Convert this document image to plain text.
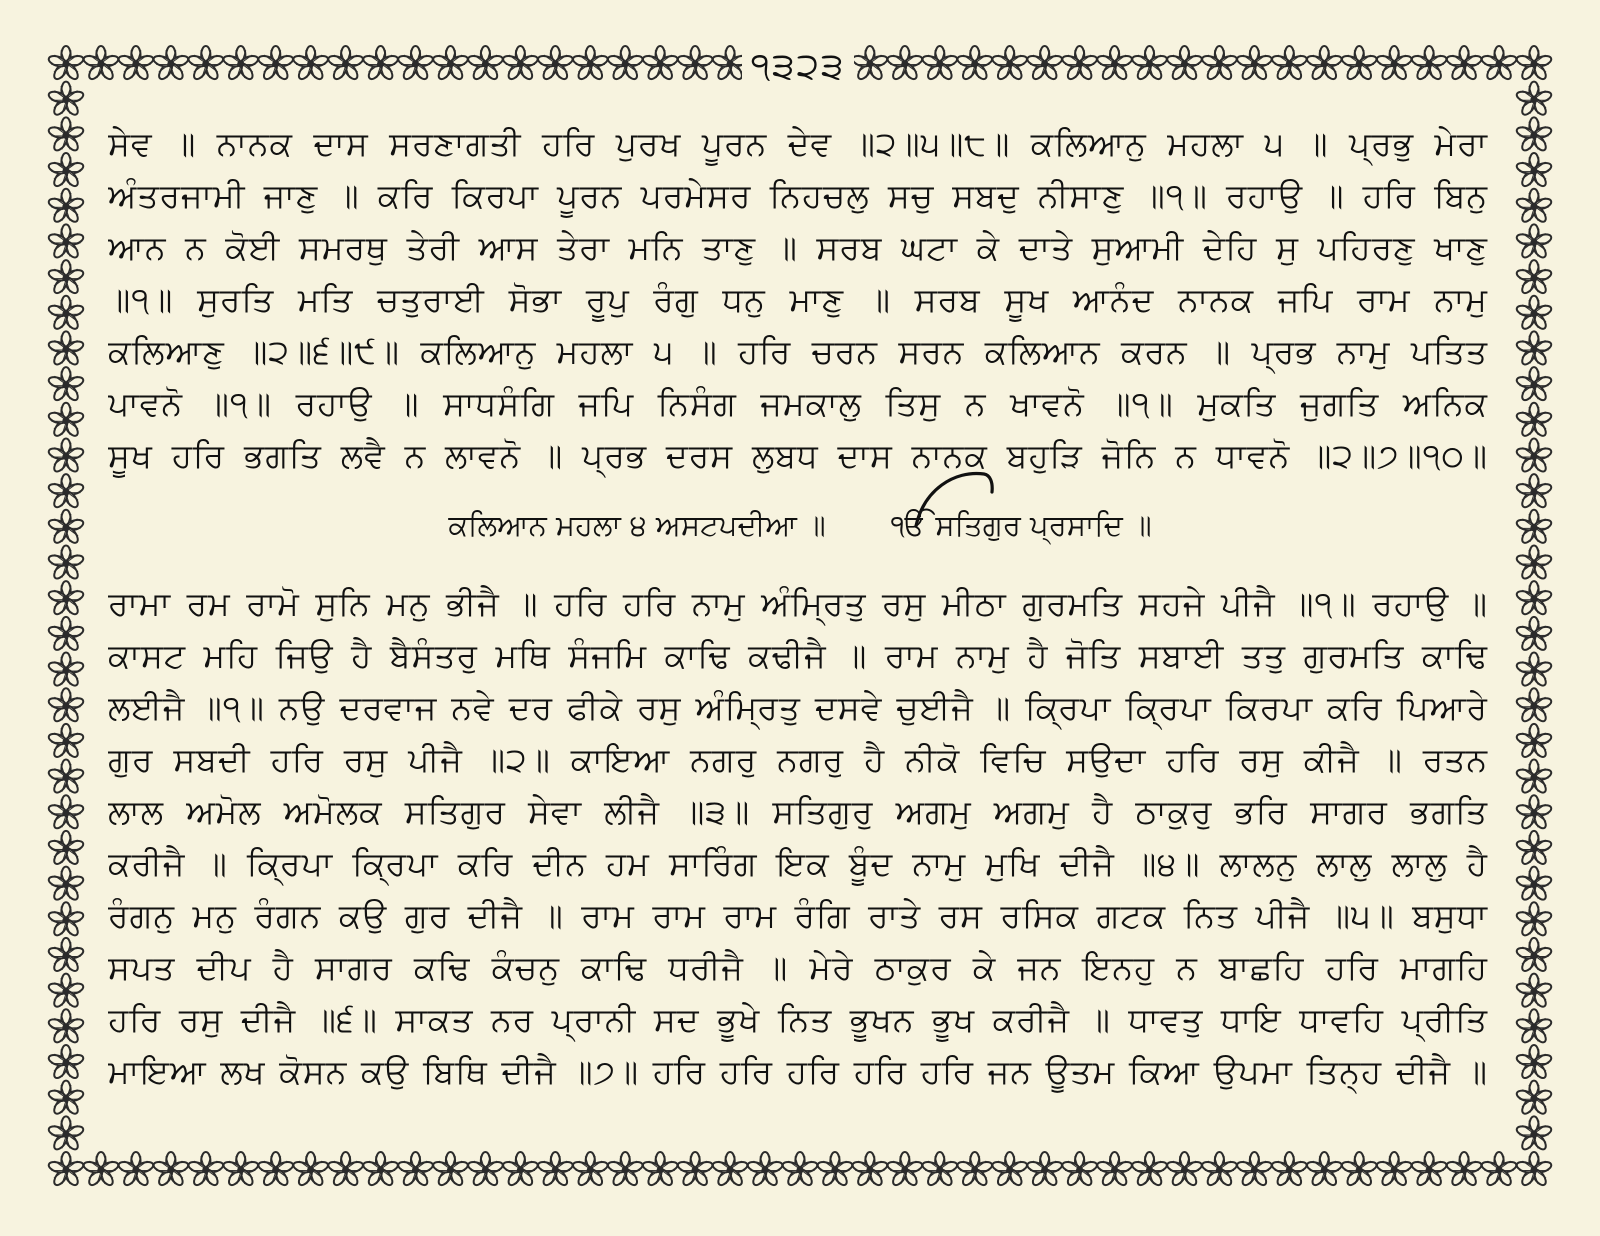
੧੩੨੩
ਸੇਵ ॥ ਨਾਨਕ ਦਾਸ ਸਰਣਾਗਤੀ ਹਰਿ ਪੁਰਖ ਪੂਰਨ ਦੇਵ ॥੨॥੫॥੮॥ ਕਲਿਆਨੁ ਮਹਲਾ ੫ ॥ ਪ੍ਰਭੁ ਮੇਰਾ
ਅੰਤਰਜਾਮੀ ਜਾਣੁ ॥ ਕਰਿ ਕਿਰਪਾ ਪੂਰਨ ਪਰਮੇਸਰ ਨਿਹਚਲੁ ਸਚੁ ਸਬਦੁ ਨੀਸਾਣੁ ॥੧॥ ਰਹਾਉ ॥ ਹਰਿ ਬਿਨੁ
ਆਨ ਨ ਕੋਈ ਸਮਰਥੁ ਤੇਰੀ ਆਸ ਤੇਰਾ ਮਨਿ ਤਾਣੁ ॥ ਸਰਬ ਘਟਾ ਕੇ ਦਾਤੇ ਸੁਆਮੀ ਦੇਹਿ ਸੁ ਪਹਿਰਣੁ ਖਾਣੁ
॥੧॥ ਸੁਰਤਿ ਮਤਿ ਚਤੁਰਾਈ ਸੋਭਾ ਰੂਪੁ ਰੰਗੁ ਧਨੁ ਮਾਣੁ ॥ ਸਰਬ ਸੂਖ ਆਨੰਦ ਨਾਨਕ ਜਪਿ ਰਾਮ ਨਾਮੁ
ਕਲਿਆਣੁ ॥੨॥੬॥੯॥ ਕਲਿਆਨੁ ਮਹਲਾ ੫ ॥ ਹਰਿ ਚਰਨ ਸਰਨ ਕਲਿਆਨ ਕਰਨ ॥ ਪ੍ਰਭ ਨਾਮੁ ਪਤਿਤ
ਪਾਵਨੋ ॥੧॥ ਰਹਾਉ ॥ ਸਾਧਸੰਗਿ ਜਪਿ ਨਿਸੰਗ ਜਮਕਾਲੁ ਤਿਸੁ ਨ ਖਾਵਨੋ ॥੧॥ ਮੁਕਤਿ ਜੁਗਤਿ ਅਨਿਕ
ਸੂਖ ਹਰਿ ਭਗਤਿ ਲਵੈ ਨ ਲਾਵਨੋ ॥ ਪ੍ਰਭ ਦਰਸ ਲੁਬਧ ਦਾਸ ਨਾਨਕ ਬਹੁੜਿ ਜੋਨਿ ਨ ਧਾਵਨੋ ॥੨॥੭॥੧੦॥
ਕਲਿਆਨ ਮਹਲਾ ੪ ਅਸਟਪਦੀਆ ॥ ੴ ਸਤਿਗੁਰ ਪ੍ਰਸਾਦਿ ॥
ਰਾਮਾ ਰਮ ਰਾਮੋ ਸੁਨਿ ਮਨੁ ਭੀਜੈ ॥ ਹਰਿ ਹਰਿ ਨਾਮੁ ਅੰਮ੍ਰਿਤੁ ਰਸੁ ਮੀਠਾ ਗੁਰਮਤਿ ਸਹਜੇ ਪੀਜੈ ॥੧॥ ਰਹਾਉ ॥
ਕਾਸਟ ਮਹਿ ਜਿਉ ਹੈ ਬੈਸੰਤਰੁ ਮਥਿ ਸੰਜਮਿ ਕਾਢਿ ਕਢੀਜੈ ॥ ਰਾਮ ਨਾਮੁ ਹੈ ਜੋਤਿ ਸਬਾਈ ਤਤੁ ਗੁਰਮਤਿ ਕਾਢਿ
ਲਈਜੈ ॥੧॥ ਨਉ ਦਰਵਾਜ ਨਵੇ ਦਰ ਫੀਕੇ ਰਸੁ ਅੰਮ੍ਰਿਤੁ ਦਸਵੇ ਚੁਈਜੈ ॥ ਕ੍ਰਿਪਾ ਕ੍ਰਿਪਾ ਕਿਰਪਾ ਕਰਿ ਪਿਆਰੇ
ਗੁਰ ਸਬਦੀ ਹਰਿ ਰਸੁ ਪੀਜੈ ॥੨॥ ਕਾਇਆ ਨਗਰੁ ਨਗਰੁ ਹੈ ਨੀਕੋ ਵਿਚਿ ਸਉਦਾ ਹਰਿ ਰਸੁ ਕੀਜੈ ॥ ਰਤਨ
ਲਾਲ ਅਮੋਲ ਅਮੋਲਕ ਸਤਿਗੁਰ ਸੇਵਾ ਲੀਜੈ ॥੩॥ ਸਤਿਗੁਰੁ ਅਗਮੁ ਅਗਮੁ ਹੈ ਠਾਕੁਰੁ ਭਰਿ ਸਾਗਰ ਭਗਤਿ
ਕਰੀਜੈ ॥ ਕ੍ਰਿਪਾ ਕ੍ਰਿਪਾ ਕਰਿ ਦੀਨ ਹਮ ਸਾਰਿੰਗ ਇਕ ਬੂੰਦ ਨਾਮੁ ਮੁਖਿ ਦੀਜੈ ॥੪॥ ਲਾਲਨੁ ਲਾਲੁ ਲਾਲੁ ਹੈ
ਰੰਗਨੁ ਮਨੁ ਰੰਗਨ ਕਉ ਗੁਰ ਦੀਜੈ ॥ ਰਾਮ ਰਾਮ ਰਾਮ ਰੰਗਿ ਰਾਤੇ ਰਸ ਰਸਿਕ ਗਟਕ ਨਿਤ ਪੀਜੈ ॥੫॥ ਬਸੁਧਾ
ਸਪਤ ਦੀਪ ਹੈ ਸਾਗਰ ਕਢਿ ਕੰਚਨੁ ਕਾਢਿ ਧਰੀਜੈ ॥ ਮੇਰੇ ਠਾਕੁਰ ਕੇ ਜਨ ਇਨਹੁ ਨ ਬਾਛਹਿ ਹਰਿ ਮਾਗਹਿ
ਹਰਿ ਰਸੁ ਦੀਜੈ ॥੬॥ ਸਾਕਤ ਨਰ ਪ੍ਰਾਨੀ ਸਦ ਭੂਖੇ ਨਿਤ ਭੂਖਨ ਭੂਖ ਕਰੀਜੈ ॥ ਧਾਵਤੁ ਧਾਇ ਧਾਵਹਿ ਪ੍ਰੀਤਿ
ਮਾਇਆ ਲਖ ਕੋਸਨ ਕਉ ਬਿਥਿ ਦੀਜੈ ॥੭॥ ਹਰਿ ਹਰਿ ਹਰਿ ਹਰਿ ਹਰਿ ਜਨ ਊਤਮ ਕਿਆ ਉਪਮਾ ਤਿਨ੍ਹ ਦੀਜੈ ॥
